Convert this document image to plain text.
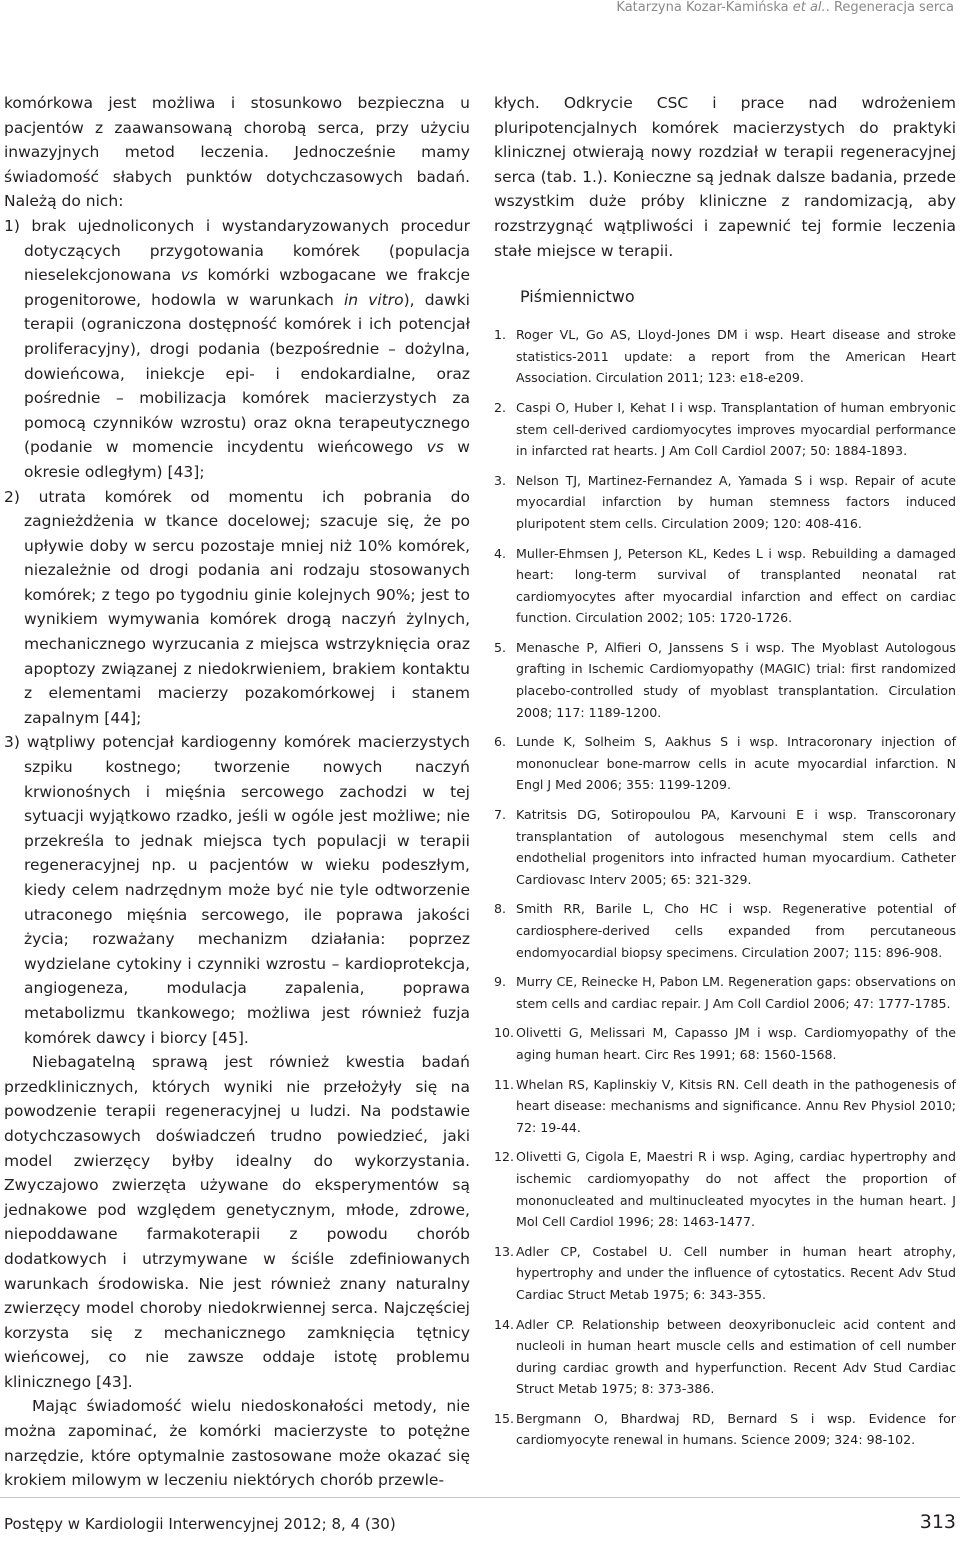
Katarzyna Kozar-Kamińska et al.. Regeneracja serca

komórkowa jest możliwa i stosunkowo bezpieczna u pacjentów z zaawansowaną chorobą serca, przy użyciu inwazyjnych metod leczenia. Jednocześnie mamy świadomość słabych punktów dotychczasowych badań. Należą do nich:

1) brak ujednoliconych i wystandaryzowanych procedur dotyczących przygotowania komórek (populacja nieselekcjonowana vs komórki wzbogacane we frakcje progenitorowe, hodowla w warunkach in vitro), dawki terapii (ograniczona dostępność komórek i ich potencjał proliferacyjny), drogi podania (bezpośrednie – dożylna, dowieńcowa, iniekcje epi- i endokardialne, oraz pośrednie – mobilizacja komórek macierzystych za pomocą czynników wzrostu) oraz okna terapeutycznego (podanie w momencie incydentu wieńcowego vs w okresie odległym) [43];

2) utrata komórek od momentu ich pobrania do zagnieżdżenia w tkance docelowej; szacuje się, że po upływie doby w sercu pozostaje mniej niż 10% komórek, niezależnie od drogi podania ani rodzaju stosowanych komórek; z tego po tygodniu ginie kolejnych 90%; jest to wynikiem wymywania komórek drogą naczyń żylnych, mechanicznego wyrzucania z miejsca wstrzyknięcia oraz apoptozy związanej z niedokrwieniem, brakiem kontaktu z elementami macierzy pozakomórkowej i stanem zapalnym [44];

3) wątpliwy potencjał kardiogenny komórek macierzystych szpiku kostnego; tworzenie nowych naczyń krwionośnych i mięśnia sercowego zachodzi w tej sytuacji wyjątkowo rzadko, jeśli w ogóle jest możliwe; nie przekreśla to jednak miejsca tych populacji w terapii regeneracyjnej np. u pacjentów w wieku podeszłym, kiedy celem nadrzędnym może być nie tyle odtworzenie utraconego mięśnia sercowego, ile poprawa jakości życia; rozważany mechanizm działania: poprzez wydzielane cytokiny i czynniki wzrostu – kardioprotekcja, angiogeneza, modulacja zapalenia, poprawa metabolizmu tkankowego; możliwa jest również fuzja komórek dawcy i biorcy [45].

Niebagatelną sprawą jest również kwestia badań przedklinicznych, których wyniki nie przełożyły się na powodzenie terapii regeneracyjnej u ludzi. Na podstawie dotychczasowych doświadczeń trudno powiedzieć, jaki model zwierzęcy byłby idealny do wykorzystania. Zwyczajowo zwierzęta używane do eksperymentów są jednakowe pod względem genetycznym, młode, zdrowe, niepoddawane farmakoterapii z powodu chorób dodatkowych i utrzymywane w ściśle zdefiniowanych warunkach środowiska. Nie jest również znany naturalny zwierzęcy model choroby niedokrwiennej serca. Najczęściej korzysta się z mechanicznego zamknięcia tętnicy wieńcowej, co nie zawsze oddaje istotę problemu klinicznego [43].

Mając świadomość wielu niedoskonałości metody, nie można zapominać, że komórki macierzyste to potężne narzędzie, które optymalnie zastosowane może okazać się krokiem milowym w leczeniu niektórych chorób przewle-

kłych. Odkrycie CSC i prace nad wdrożeniem pluripotencjalnych komórek macierzystych do praktyki klinicznej otwierają nowy rozdział w terapii regeneracyjnej serca (tab. 1.). Konieczne są jednak dalsze badania, przede wszystkim duże próby kliniczne z randomizacją, aby rozstrzygnąć wątpliwości i zapewnić tej formie leczenia stałe miejsce w terapii.

Piśmiennictwo
1. Roger VL, Go AS, Lloyd-Jones DM i wsp. Heart disease and stroke statistics-2011 update: a report from the American Heart Association. Circulation 2011; 123: e18-e209.
2. Caspi O, Huber I, Kehat I i wsp. Transplantation of human embryonic stem cell-derived cardiomyocytes improves myocardial performance in infarcted rat hearts. J Am Coll Cardiol 2007; 50: 1884-1893.
3. Nelson TJ, Martinez-Fernandez A, Yamada S i wsp. Repair of acute myocardial infarction by human stemness factors induced pluripotent stem cells. Circulation 2009; 120: 408-416.
4. Muller-Ehmsen J, Peterson KL, Kedes L i wsp. Rebuilding a damaged heart: long-term survival of transplanted neonatal rat cardiomyocytes after myocardial infarction and effect on cardiac function. Circulation 2002; 105: 1720-1726.
5. Menasche P, Alfieri O, Janssens S i wsp. The Myoblast Autologous grafting in Ischemic Cardiomyopathy (MAGIC) trial: first randomized placebo-controlled study of myoblast transplantation. Circulation 2008; 117: 1189-1200.
6. Lunde K, Solheim S, Aakhus S i wsp. Intracoronary injection of mononuclear bone-marrow cells in acute myocardial infarction. N Engl J Med 2006; 355: 1199-1209.
7. Katritsis DG, Sotiropoulou PA, Karvouni E i wsp. Transcoronary transplantation of autologous mesenchymal stem cells and endothelial progenitors into infracted human myocardium. Catheter Cardiovasc Interv 2005; 65: 321-329.
8. Smith RR, Barile L, Cho HC i wsp. Regenerative potential of cardiosphere-derived cells expanded from percutaneous endomyocardial biopsy specimens. Circulation 2007; 115: 896-908.
9. Murry CE, Reinecke H, Pabon LM. Regeneration gaps: observations on stem cells and cardiac repair. J Am Coll Cardiol 2006; 47: 1777-1785.
10. Olivetti G, Melissari M, Capasso JM i wsp. Cardiomyopathy of the aging human heart. Circ Res 1991; 68: 1560-1568.
11. Whelan RS, Kaplinskiy V, Kitsis RN. Cell death in the pathogenesis of heart disease: mechanisms and significance. Annu Rev Physiol 2010; 72: 19-44.
12. Olivetti G, Cigola E, Maestri R i wsp. Aging, cardiac hypertrophy and ischemic cardiomyopathy do not affect the proportion of mononucleated and multinucleated myocytes in the human heart. J Mol Cell Cardiol 1996; 28: 1463-1477.
13. Adler CP, Costabel U. Cell number in human heart atrophy, hypertrophy and under the influence of cytostatics. Recent Adv Stud Cardiac Struct Metab 1975; 6: 343-355.
14. Adler CP. Relationship between deoxyribonucleic acid content and nucleoli in human heart muscle cells and estimation of cell number during cardiac growth and hyperfunction. Recent Adv Stud Cardiac Struct Metab 1975; 8: 373-386.
15. Bergmann O, Bhardwaj RD, Bernard S i wsp. Evidence for cardiomyocyte renewal in humans. Science 2009; 324: 98-102.
Postępy w Kardiologii Interwencyjnej 2012; 8, 4 (30)	313
